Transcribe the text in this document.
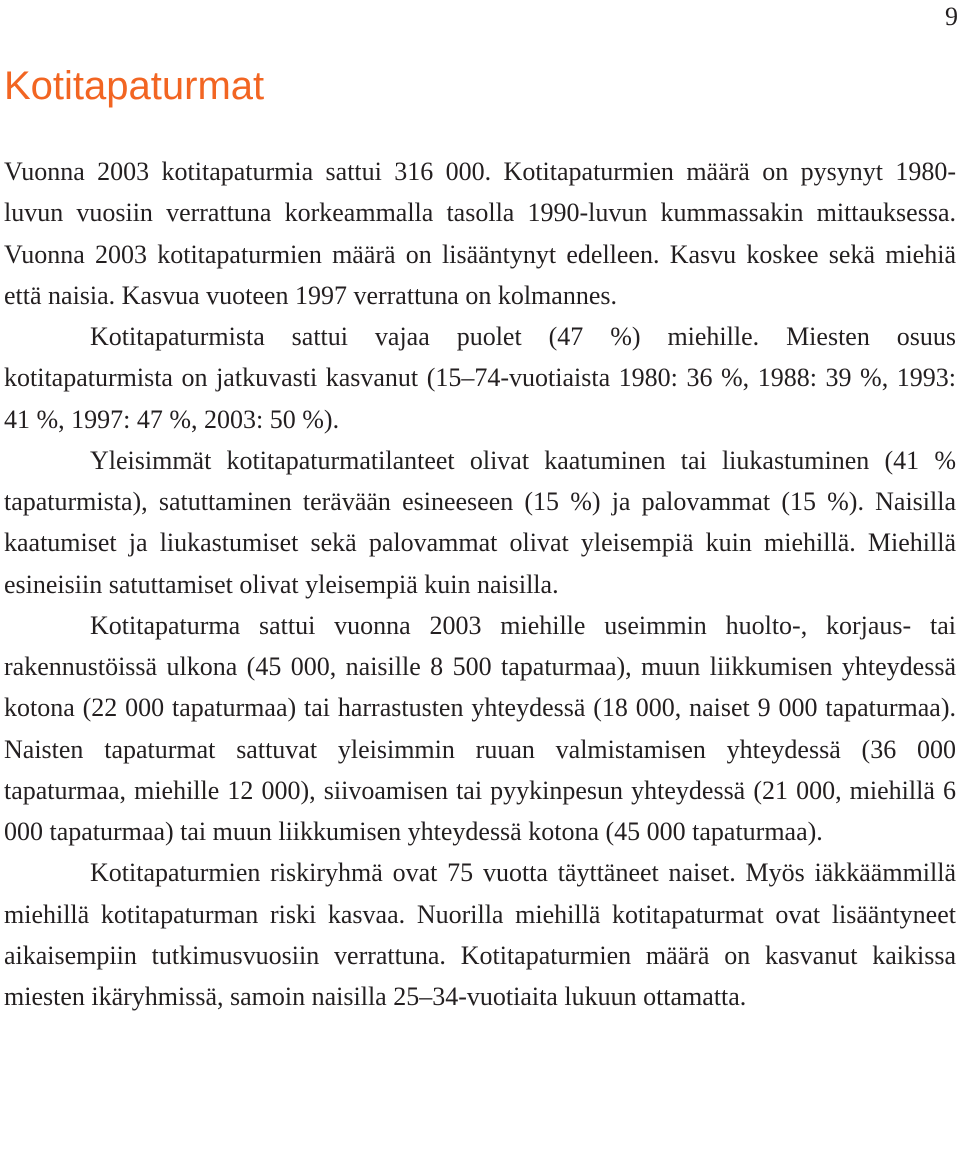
9
Kotitapaturmat

Vuonna 2003 kotitapaturmia sattui 316 000. Kotitapaturmien määrä on pysynyt 1980-luvun vuosiin verrattuna korkeammalla tasolla 1990-luvun kummassakin mittauksessa. Vuonna 2003 kotitapaturmien määrä on lisääntynyt edelleen. Kasvu koskee sekä miehiä että naisia. Kasvua vuoteen 1997 verrattuna on kolmannes.

Kotitapaturmista sattui vajaa puolet (47 %) miehille. Miesten osuus kotitapaturmista on jatkuvasti kasvanut (15–74-vuotiaista 1980: 36 %, 1988: 39 %, 1993: 41 %, 1997: 47 %, 2003: 50 %).

Yleisimmät kotitapaturmatilanteet olivat kaatuminen tai liukastuminen (41 % tapaturmista), satuttaminen terävään esineeseen (15 %) ja palovammat (15 %). Naisilla kaatumiset ja liukastumiset sekä palovammat olivat yleisempiä kuin miehillä. Miehillä esineisiin satuttamiset olivat yleisempiä kuin naisilla.

Kotitapaturma sattui vuonna 2003 miehille useimmin huolto-, korjaus- tai rakennustöissä ulkona (45 000, naisille 8 500 tapaturmaa), muun liikkumisen yhteydessä kotona (22 000 tapaturmaa) tai harrastusten yhteydessä (18 000, naiset 9 000 tapaturmaa). Naisten tapaturmat sattuvat yleisimmin ruuan valmistamisen yhteydessä (36 000 tapaturmaa, miehille 12 000), siivoamisen tai pyykinpesun yhteydessä (21 000, miehillä 6 000 tapaturmaa) tai muun liikkumisen yhteydessä kotona (45 000 tapaturmaa).

Kotitapaturmien riskiryhmä ovat 75 vuotta täyttäneet naiset. Myös iäkkäämmillä miehillä kotitapaturman riski kasvaa. Nuorilla miehillä kotitapaturmat ovat lisääntyneet aikaisempiin tutkimusvuosiin verrattuna. Kotitapaturmien määrä on kasvanut kaikissa miesten ikäryhmissä, samoin naisilla 25–34-vuotiaita lukuun ottamatta.
